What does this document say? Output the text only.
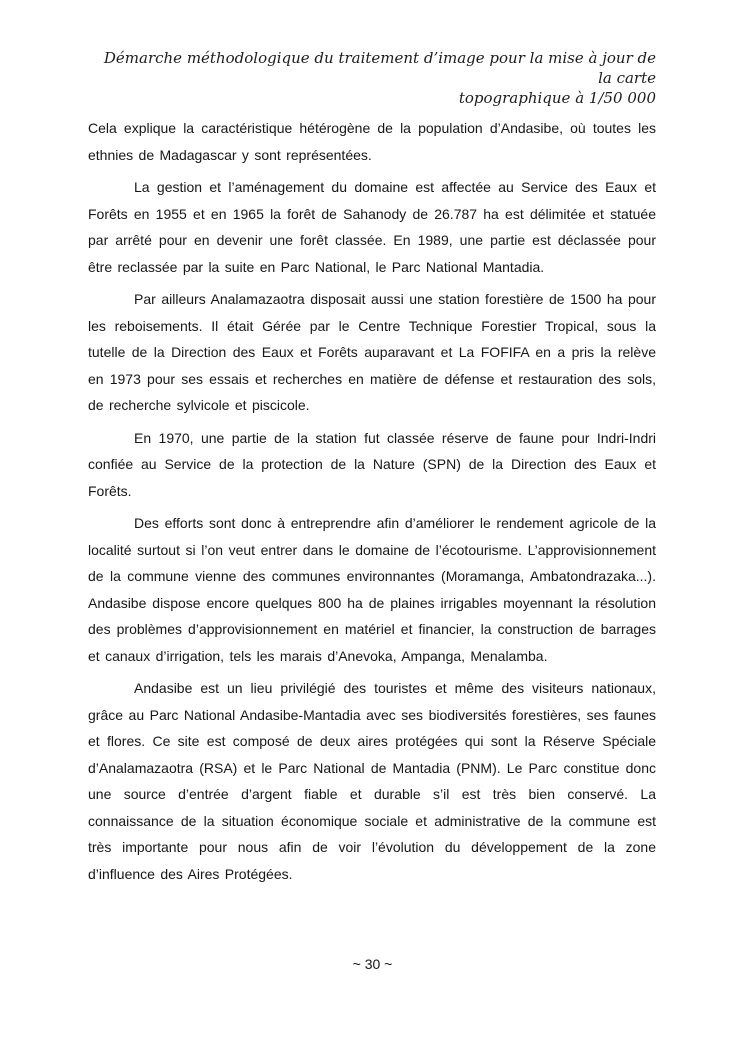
Démarche méthodologique du traitement d’image pour la mise à jour de la carte
topographique à 1/50 000

Cela explique la caractéristique hétérogène de la population d’Andasibe, où toutes les ethnies de Madagascar y sont représentées.

La gestion et l’aménagement du domaine est affectée au Service des Eaux et Forêts en 1955 et en 1965 la forêt de Sahanody de 26.787 ha est délimitée et statuée par arrêté pour en devenir une forêt classée. En 1989, une partie est déclassée pour être reclassée par la suite en Parc National, le Parc National Mantadia.

Par ailleurs Analamazaotra disposait aussi une station forestière de 1500 ha pour les reboisements. Il était Gérée par le Centre Technique Forestier Tropical, sous la tutelle de la Direction des Eaux et Forêts auparavant et La FOFIFA en a pris la relève en 1973 pour ses essais et recherches en matière de défense et restauration des sols, de recherche sylvicole et piscicole.

En 1970, une partie de la station fut classée réserve de faune pour Indri-Indri confiée au Service de la protection de la Nature (SPN) de la Direction des Eaux et Forêts.

Des efforts sont donc à entreprendre afin d’améliorer le rendement agricole de la localité surtout si l’on veut entrer dans le domaine de l’écotourisme. L’approvisionnement de la commune vienne des communes environnantes (Moramanga, Ambatondrazaka...). Andasibe dispose encore quelques 800 ha de plaines irrigables moyennant la résolution des problèmes d’approvisionnement en matériel et financier, la construction de barrages et canaux d’irrigation, tels les marais d’Anevoka, Ampanga, Menalamba.

Andasibe est un lieu privilégié des touristes et même des visiteurs nationaux, grâce au Parc National Andasibe-Mantadia avec ses biodiversités forestières, ses faunes et flores. Ce site est composé de deux aires protégées qui sont la Réserve Spéciale d’Analamazaotra (RSA) et le Parc National de Mantadia (PNM). Le Parc constitue donc une source d’entrée d’argent fiable et durable s’il est très bien conservé. La connaissance de la situation économique sociale et administrative de la commune est très importante pour nous afin de voir l’évolution du développement de la zone d’influence des Aires Protégées.

~ 30 ~
